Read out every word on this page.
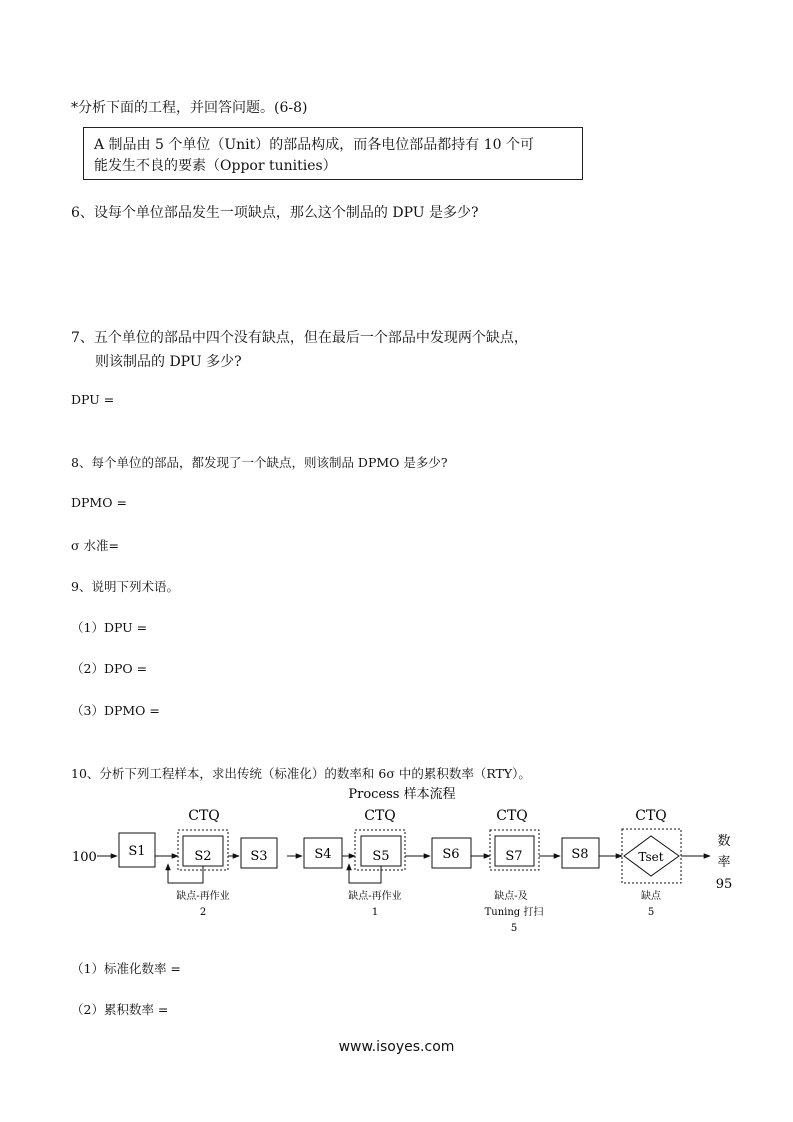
*分析下面的工程，并回答问题。(6-8)
A 制品由 5 个单位（Unit）的部品构成，而各电位部品都持有 10 个可
能发生不良的要素（Oppor tunities）
6、设每个单位部品发生一项缺点，那么这个制品的 DPU 是多少?
7、五个单位的部品中四个没有缺点，但在最后一个部品中发现两个缺点，
则该制品的 DPU 多少?
DPU =
8、每个单位的部品，都发现了一个缺点，则该制品 DPMO 是多少?
DPMO =
σ 水准=
9、说明下列术语。
（1）DPU =
（2）DPO =
（3）DPMO =
10、分析下列工程样本，求出传统（标准化）的数率和 6σ 中的累积数率（RTY）。
Process 样本流程
CTQ	CTQ	CTQ	CTQ
100 S1	S2	S3	S4	S5	S6	S7	S8	Tset
数
率
95
缺点-再作业
2
缺点-再作业
1
缺点-及
Tuning 打扫
5
缺点
5
（1）标准化数率 =
（2）累积数率 =
www.isoyes.com
